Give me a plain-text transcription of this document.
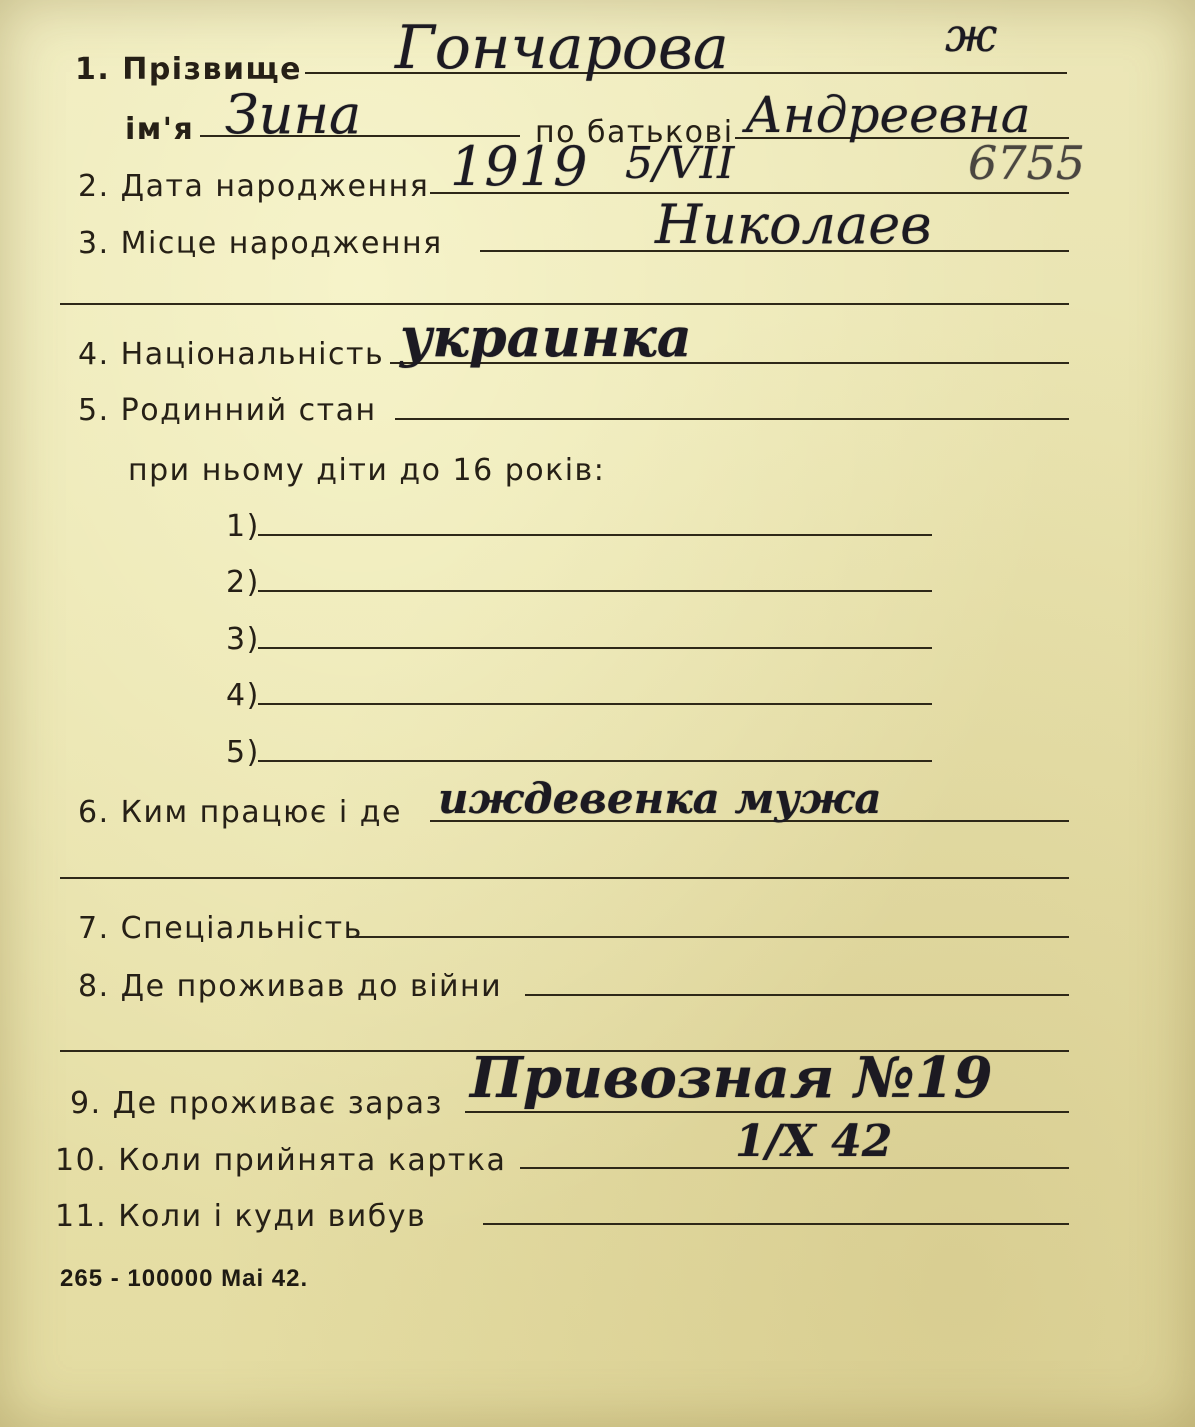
1. Прізвище Гончарова	ж
ім'я Зина	по батькові Андреевна
2. Дата народження 1919 5/VII	6755
3. Місце народження	Николаев
4. Національність украинка
5. Родинний стан
при ньому діти до 16 років:
1)
2)
3)
4)
5)
6. Ким працює і де иждевенка мужа
7. Спеціальність
8. Де проживав до війни
9. Де проживає зараз Привозная №19
10. Коли прийнята картка	1/X 42
11. Коли і куди вибув
265 - 100000 Mai 42.
